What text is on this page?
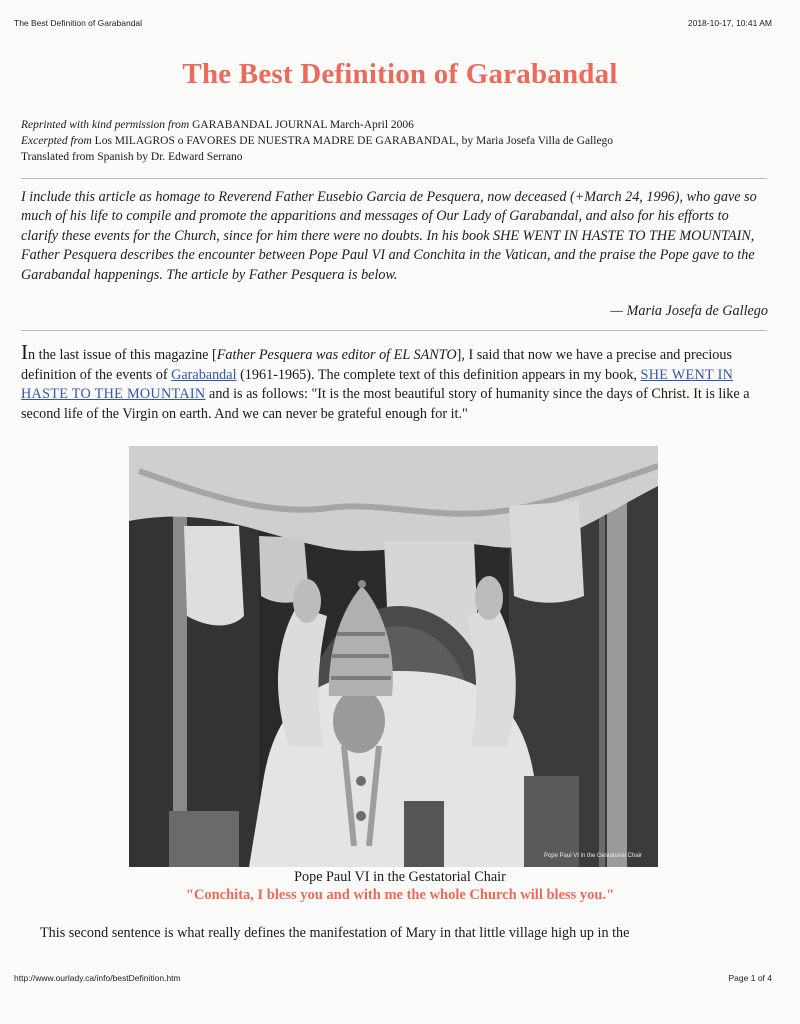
The Best Definition of Garabandal	2018-10-17, 10:41 AM
The Best Definition of Garabandal
Reprinted with kind permission from GARABANDAL JOURNAL March-April 2006
Excerpted from Los MILAGROS o FAVORES DE NUESTRA MADRE DE GARABANDAL, by Maria Josefa Villa de Gallego
Translated from Spanish by Dr. Edward Serrano
I include this article as homage to Reverend Father Eusebio Garcia de Pesquera, now deceased (+March 24, 1996), who gave so much of his life to compile and promote the apparitions and messages of Our Lady of Garabandal, and also for his efforts to clarify these events for the Church, since for him there were no doubts. In his book SHE WENT IN HASTE TO THE MOUNTAIN, Father Pesquera describes the encounter between Pope Paul VI and Conchita in the Vatican, and the praise the Pope gave to the Garabandal happenings. The article by Father Pesquera is below.
— Maria Josefa de Gallego
In the last issue of this magazine [Father Pesquera was editor of EL SANTO], I said that now we have a precise and precious definition of the events of Garabandal (1961-1965). The complete text of this definition appears in my book, SHE WENT IN HASTE TO THE MOUNTAIN and is as follows: "It is the most beautiful story of humanity since the days of Christ. It is like a second life of the Virgin on earth. And we can never be grateful enough for it."
Pope Paul VI in the Gestatorial Chair
Pope Paul VI in the Gestatorial Chair
"Conchita, I bless you and with me the whole Church will bless you."
This second sentence is what really defines the manifestation of Mary in that little village high up in the
http://www.ourlady.ca/info/bestDefinition.htm	Page 1 of 4
